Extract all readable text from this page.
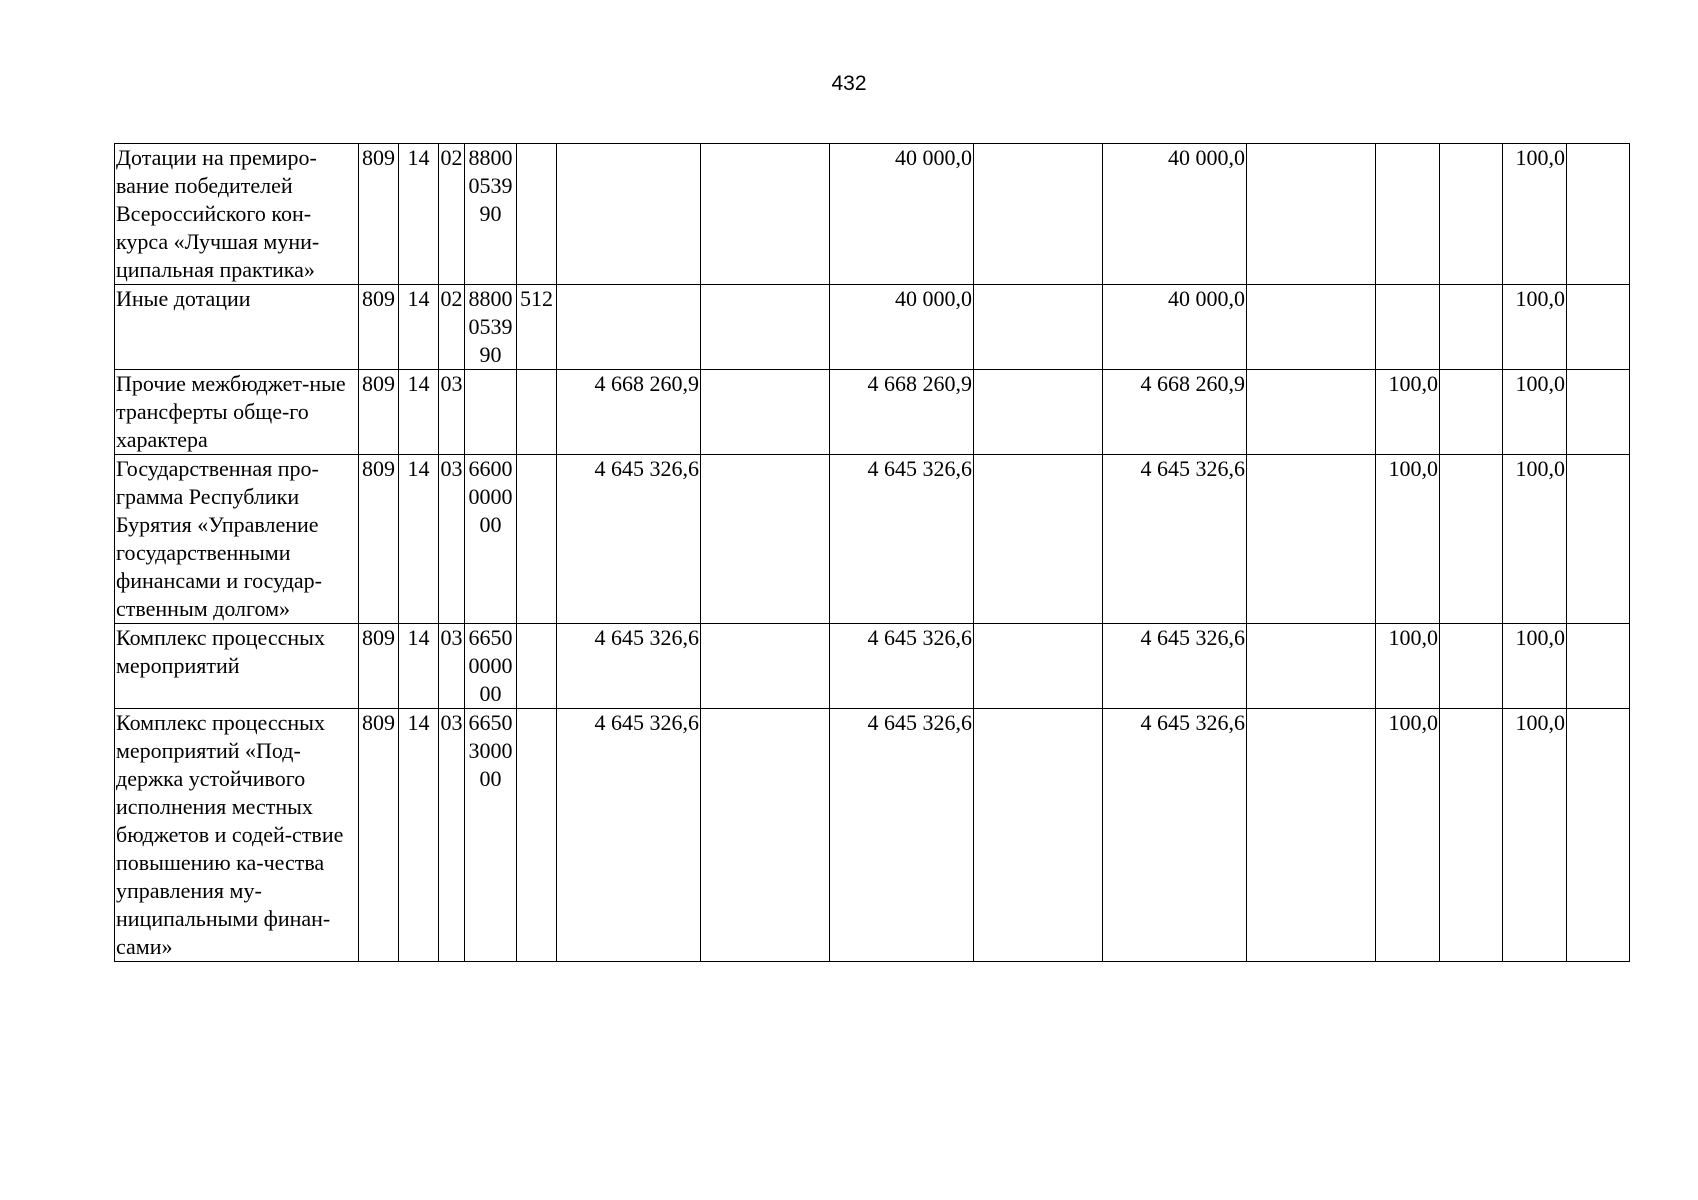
432
Дотации на премиро-вание победителей Всероссийского кон-курса «Лучшая муни-ципальная практика»	809	14	02	8800 0539 90				40 000,0		40 000,0				100,0	
Иные дотации	809	14	02	8800 0539 90	512			40 000,0		40 000,0				100,0	
Прочие межбюджет-ные трансферты обще-го характера	809	14	03			4 668 260,9		4 668 260,9		4 668 260,9		100,0		100,0	
Государственная про-грамма Республики Бурятия «Управление государственными финансами и государ-ственным долгом»	809	14	03	6600 0000 00		4 645 326,6		4 645 326,6		4 645 326,6		100,0		100,0	
Комплекс процессных мероприятий	809	14	03	6650 0000 00		4 645 326,6		4 645 326,6		4 645 326,6		100,0		100,0	
Комплекс процессных мероприятий «Под-держка устойчивого исполнения местных бюджетов и содей-ствие повышению ка-чества управления му-ниципальными финан-сами»	809	14	03	6650 3000 00		4 645 326,6		4 645 326,6		4 645 326,6		100,0		100,0	
